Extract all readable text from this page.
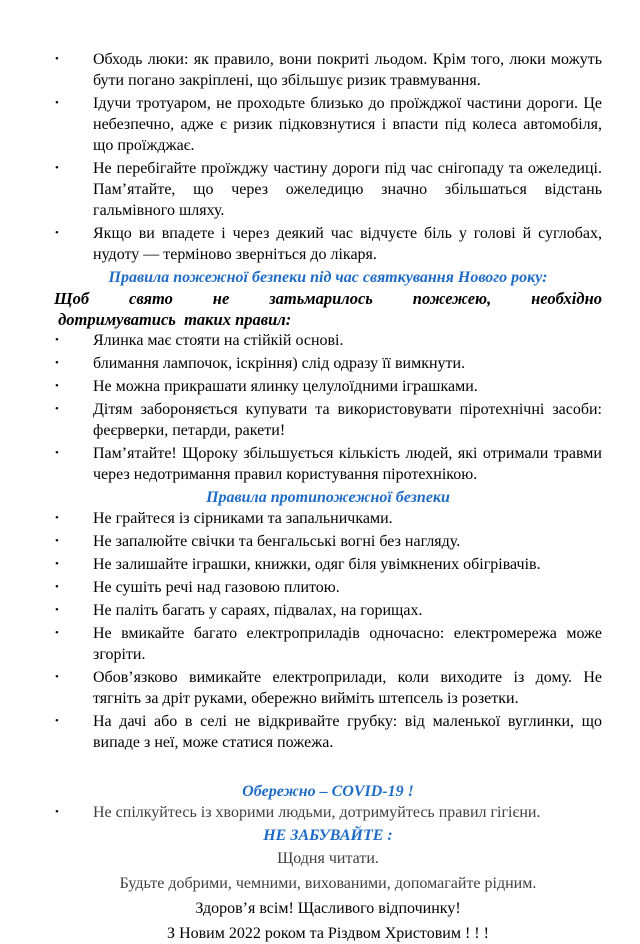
•	Обходь люки: як правило, вони покриті льодом. Крім того, люки можуть бути погано закріплені, що збільшує ризик травмування.
•	Ідучи тротуаром, не проходьте близько до проїжджої частини дороги. Це небезпечно, адже є ризик підковзнутися і впасти під колеса автомобіля, що проїжджає.
•	Не перебігайте проїжджу частину дороги під час снігопаду та ожеледиці. Пам’ятайте, що через ожеледицю значно збільшаться відстань гальмівного шляху.
•	Якщо ви впадете і через деякий час відчуєте біль у голові й суглобах, нудоту — терміново зверніться до лікаря.
Правила пожежної безпеки під час святкування Нового року:
Щоб свято не затьмарилось пожежею, необхідно
дотримуватись  таких правил:
•	Ялинка має стояти на стійкій основі.
•	блимання лампочок, іскріння) слід одразу її вимкнути.
•	Не можна прикрашати ялинку целулоїдними іграшками.
•	Дітям забороняється купувати та використовувати піротехнічні засоби: феєрверки, петарди, ракети!
•	Пам’ятайте! Щороку збільшується кількість людей, які отримали травми через недотримання правил користування піротехнікою.
Правила протипожежної безпеки
•	Не грайтеся із сірниками та запальничками.
•	Не запалюйте свічки та бенгальські вогні без нагляду.
•	Не залишайте іграшки, книжки, одяг біля увімкнених обігрівачів.
•	Не сушіть речі над газовою плитою.
•	Не паліть багать у сараях, підвалах, на горищах.
•	Не вмикайте багато електроприладів одночасно: електромережа може згоріти.
•	Обов’язково вимикайте електроприлади, коли виходите із дому. Не тягніть за дріт руками, обережно вийміть штепсель із розетки.
•	На дачі або в селі не відкривайте грубку: від маленької вуглинки, що випаде з неї, може статися пожежа.
Обережно – COVID-19 !
•	Не спілкуйтесь із хворими людьми, дотримуйтесь правил гігієни.
НЕ ЗАБУВАЙТЕ :
Щодня читати.
Будьте добрими, чемними, вихованими, допомагайте рідним.
Здоров’я всім! Щасливого відпочинку!
З Новим 2022 роком та Різдвом Христовим ! ! !
